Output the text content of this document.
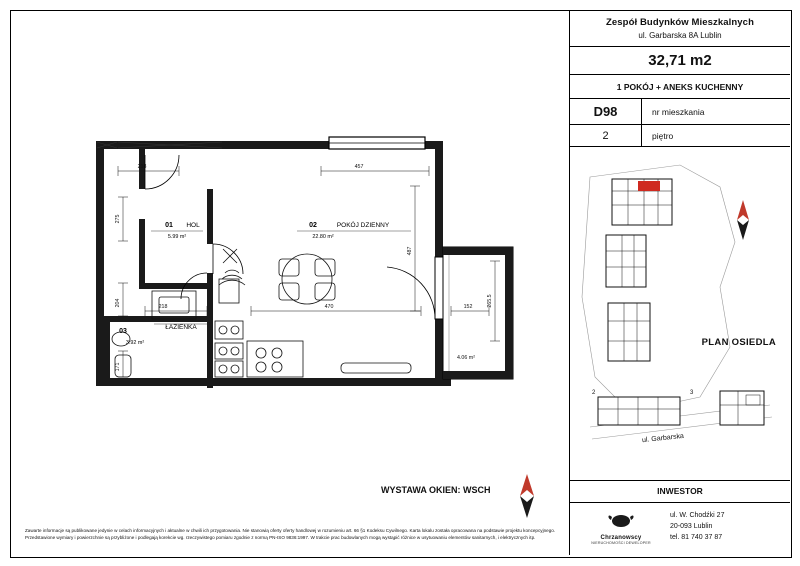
218	457
275
204	218
171
470
487
152	265.5
4.06 m²
01 HOL
5.99 m²
02	POKÓJ DZIENNY
22.80 m²
03
ŁAZIENKA
3.92 m²
WYSTAWA OKIEN: WSCH
Zawarte informacje są publikowane jedynie w celach informacyjnych i aktualne w chwili ich przygotowania. Nie stanowią oferty oferty handlowej w rozumieniu art. 66 §1 Kodeksu Cywilnego. Karta lokalu została opracowana na podstawie projektu koncepcyjnego. Przedstawione wymiary i powierzchnie są przybliżone i podlegają korekcie wg. rzeczywistego pomiaru zgodnie z normą PN-ISO 9836:1997. W trakcie prac budowlanych mogą wystąpić różnice w usytuowaniu elementów sanitarnych, i elektrycznych itp.
Zespół Budynków Mieszkalnych
ul. Garbarska 8A Lublin
32,71 m2
1 POKÓJ + ANEKS KUCHENNY
D98	nr mieszkania
2	piętro
2	3
PLAN OSIEDLA
ul. Garbarska
INWESTOR
Chrzanowscy
NIERUCHOMOŚCI DEWELOPER
ul. W. Chodźki 27
20-093 Lublin
tel. 81 740 37 87
